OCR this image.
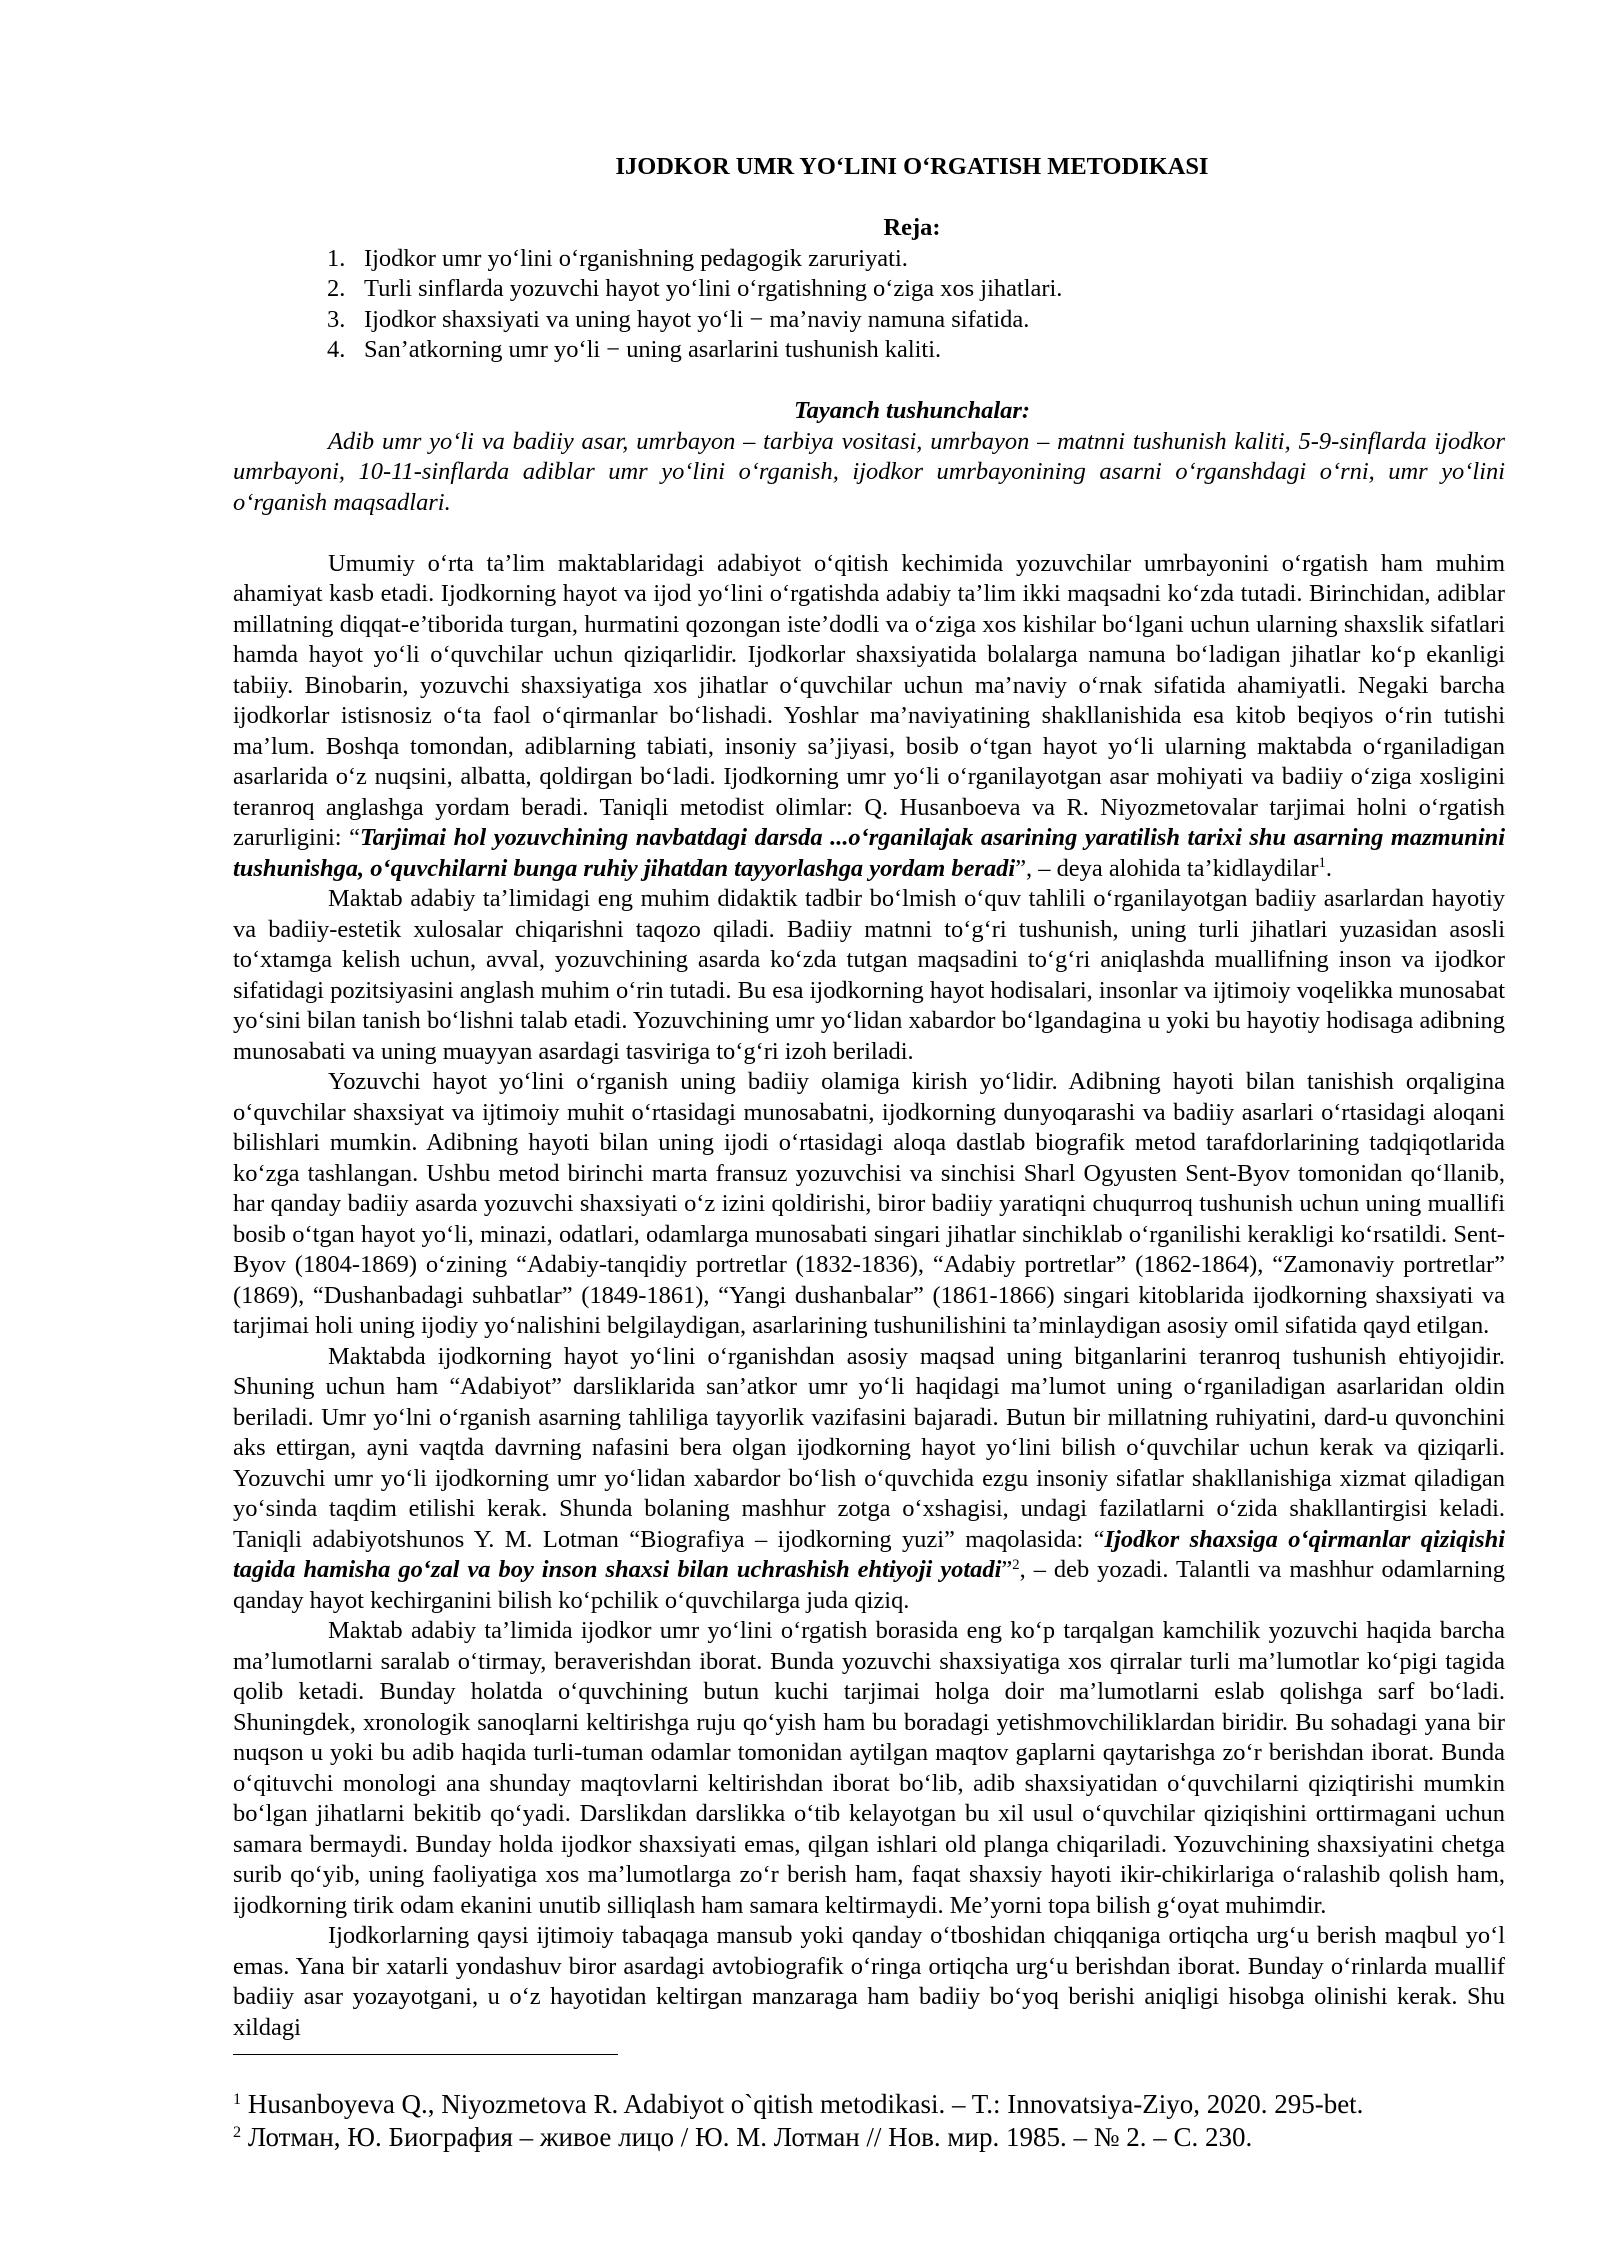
IJODKOR UMR YO‘LINI O‘RGATISH METODIKASI
Reja:
1. Ijodkor umr yo‘lini o‘rganishning pedagogik zaruriyati.
2. Turli sinflarda yozuvchi hayot yo‘lini o‘rgatishning o‘ziga xos jihatlari.
3. Ijodkor shaxsiyati va uning hayot yo‘li − ma’naviy namuna sifatida.
4. San’atkorning umr yo‘li − uning asarlarini tushunish kaliti.
Tayanch tushunchalar:

Adib umr yo‘li va badiiy asar, umrbayon – tarbiya vositasi, umrbayon – matnni tushunish kaliti, 5-9-sinflarda ijodkor umrbayoni, 10-11-sinflarda adiblar umr yo‘lini o‘rganish, ijodkor umrbayonining asarni o‘rganshdagi o‘rni, umr yo‘lini o‘rganish maqsadlari.

Umumiy o‘rta ta’lim maktablaridagi adabiyot o‘qitish kechimida yozuvchilar umrbayonini o‘rgatish ham muhim ahamiyat kasb etadi. Ijodkorning hayot va ijod yo‘lini o‘rgatishda adabiy ta’lim ikki maqsadni ko‘zda tutadi. Birinchidan, adiblar millatning diqqat-e’tiborida turgan, hurmatini qozongan iste’dodli va o‘ziga xos kishilar bo‘lgani uchun ularning shaxslik sifatlari hamda hayot yo‘li o‘quvchilar uchun qiziqarlidir. Ijodkorlar shaxsiyatida bolalarga namuna bo‘ladigan jihatlar ko‘p ekanligi tabiiy. Binobarin, yozuvchi shaxsiyatiga xos jihatlar o‘quvchilar uchun ma’naviy o‘rnak sifatida ahamiyatli. Negaki barcha ijodkorlar istisnosiz o‘ta faol o‘qirmanlar bo‘lishadi. Yoshlar ma’naviyatining shakllanishida esa kitob beqiyos o‘rin tutishi ma’lum. Boshqa tomondan, adiblarning tabiati, insoniy sa’jiyasi, bosib o‘tgan hayot yo‘li ularning maktabda o‘rganiladigan asarlarida o‘z nuqsini, albatta, qoldirgan bo‘ladi. Ijodkorning umr yo‘li o‘rganilayotgan asar mohiyati va badiiy o‘ziga xosligini teranroq anglashga yordam beradi. Taniqli metodist olimlar: Q. Husanboeva va R. Niyozmetovalar tarjimai holni o‘rgatish zarurligini: “Tarjimai hol yozuvchining navbatdagi darsda ...o‘rganilajak asarining yaratilish tarixi shu asarning mazmunini tushunishga, o‘quvchilarni bunga ruhiy jihatdan tayyorlashga yordam beradi”, – deya alohida ta’kidlaydilar$^1$.

Maktab adabiy ta’limidagi eng muhim didaktik tadbir bo‘lmish o‘quv tahlili o‘rganilayotgan badiiy asarlardan hayotiy va badiiy-estetik xulosalar chiqarishni taqozo qiladi. Badiiy matnni to‘g‘ri tushunish, uning turli jihatlari yuzasidan asosli to‘xtamga kelish uchun, avval, yozuvchining asarda ko‘zda tutgan maqsadini to‘g‘ri aniqlashda muallifning inson va ijodkor sifatidagi pozitsiyasini anglash muhim o‘rin tutadi. Bu esa ijodkorning hayot hodisalari, insonlar va ijtimoiy voqelikka munosabat yo‘sini bilan tanish bo‘lishni talab etadi. Yozuvchining umr yo‘lidan xabardor bo‘lgandagina u yoki bu hayotiy hodisaga adibning munosabati va uning muayyan asardagi tasviriga to‘g‘ri izoh beriladi.

Yozuvchi hayot yo‘lini o‘rganish uning badiiy olamiga kirish yo‘lidir. Adibning hayoti bilan tanishish orqaligina o‘quvchilar shaxsiyat va ijtimoiy muhit o‘rtasidagi munosabatni, ijodkorning dunyoqarashi va badiiy asarlari o‘rtasidagi aloqani bilishlari mumkin. Adibning hayoti bilan uning ijodi o‘rtasidagi aloqa dastlab biografik metod tarafdorlarining tadqiqotlarida ko‘zga tashlangan. Ushbu metod birinchi marta fransuz yozuvchisi va sinchisi Sharl Ogyusten Sent-Byov tomonidan qo‘llanib, har qanday badiiy asarda yozuvchi shaxsiyati o‘z izini qoldirishi, biror badiiy yaratiqni chuqurroq tushunish uchun uning muallifi bosib o‘tgan hayot yo‘li, minazi, odatlari, odamlarga munosabati singari jihatlar sinchiklab o‘rganilishi kerakligi ko‘rsatildi. Sent-Byov (1804-1869) o‘zining “Adabiy-tanqidiy portretlar (1832-1836), “Adabiy portretlar” (1862-1864), “Zamonaviy portretlar” (1869), “Dushanbadagi suhbatlar” (1849-1861), “Yangi dushanbalar” (1861-1866) singari kitoblarida ijodkorning shaxsiyati va tarjimai holi uning ijodiy yo‘nalishini belgilaydigan, asarlarining tushunilishini ta’minlaydigan asosiy omil sifatida qayd etilgan.

Maktabda ijodkorning hayot yo‘lini o‘rganishdan asosiy maqsad uning bitganlarini teranroq tushunish ehtiyojidir. Shuning uchun ham “Adabiyot” darsliklarida san’atkor umr yo‘li haqidagi ma’lumot uning o‘rganiladigan asarlaridan oldin beriladi. Umr yo‘lni o‘rganish asarning tahliliga tayyorlik vazifasini bajaradi. Butun bir millatning ruhiyatini, dard-u quvonchini aks ettirgan, ayni vaqtda davrning nafasini bera olgan ijodkorning hayot yo‘lini bilish o‘quvchilar uchun kerak va qiziqarli. Yozuvchi umr yo‘li ijodkorning umr yo‘lidan xabardor bo‘lish o‘quvchida ezgu insoniy sifatlar shakllanishiga xizmat qiladigan yo‘sinda taqdim etilishi kerak. Shunda bolaning mashhur zotga o‘xshagisi, undagi fazilatlarni o‘zida shakllantirgisi keladi. Taniqli adabiyotshunos Y. M. Lotman “Biografiya – ijodkorning yuzi” maqolasida: “Ijodkor shaxsiga o‘qirmanlar qiziqishi tagida hamisha go‘zal va boy inson shaxsi bilan uchrashish ehtiyoji yotadi”$^2$, – deb yozadi. Talantli va mashhur odamlarning qanday hayot kechirganini bilish ko‘pchilik o‘quvchilarga juda qiziq.

Maktab adabiy ta’limida ijodkor umr yo‘lini o‘rgatish borasida eng ko‘p tarqalgan kamchilik yozuvchi haqida barcha ma’lumotlarni saralab o‘tirmay, beraverishdan iborat. Bunda yozuvchi shaxsiyatiga xos qirralar turli ma’lumotlar ko‘pigi tagida qolib ketadi. Bunday holatda o‘quvchining butun kuchi tarjimai holga doir ma’lumotlarni eslab qolishga sarf bo‘ladi. Shuningdek, xronologik sanoqlarni keltirishga ruju qo‘yish ham bu boradagi yetishmovchiliklardan biridir. Bu sohadagi yana bir nuqson u yoki bu adib haqida turli-tuman odamlar tomonidan aytilgan maqtov gaplarni qaytarishga zo‘r berishdan iborat. Bunda o‘qituvchi monologi ana shunday maqtovlarni keltirishdan iborat bo‘lib, adib shaxsiyatidan o‘quvchilarni qiziqtirishi mumkin bo‘lgan jihatlarni bekitib qo‘yadi. Darslikdan darslikka o‘tib kelayotgan bu xil usul o‘quvchilar qiziqishini orttirmagani uchun samara bermaydi. Bunday holda ijodkor shaxsiyati emas, qilgan ishlari old planga chiqariladi. Yozuvchining shaxsiyatini chetga surib qo‘yib, uning faoliyatiga xos ma’lumotlarga zo‘r berish ham, faqat shaxsiy hayoti ikir-chikirlariga o‘ralashib qolish ham, ijodkorning tirik odam ekanini unutib silliqlash ham samara keltirmaydi. Me’yorni topa bilish g‘oyat muhimdir.

Ijodkorlarning qaysi ijtimoiy tabaqaga mansub yoki qanday o‘tboshidan chiqqaniga ortiqcha urg‘u berish maqbul yo‘l emas. Yana bir xatarli yondashuv biror asardagi avtobiografik o‘ringa ortiqcha urg‘u berishdan iborat. Bunday o‘rinlarda muallif badiiy asar yozayotgani, u o‘z hayotidan keltirgan manzaraga ham badiiy bo‘yoq berishi aniqligi hisobga olinishi kerak. Shu xildagi

$^1$ Husanboyeva Q., Niyozmetova R. Adabiyot o`qitish metodikasi. – T.: Innovatsiya-Ziyo, 2020. 295-bet.

$^2$ Лотман, Ю. Биография – живое лицо / Ю. М. Лотман // Нов. мир. 1985. – № 2. – С. 230.
